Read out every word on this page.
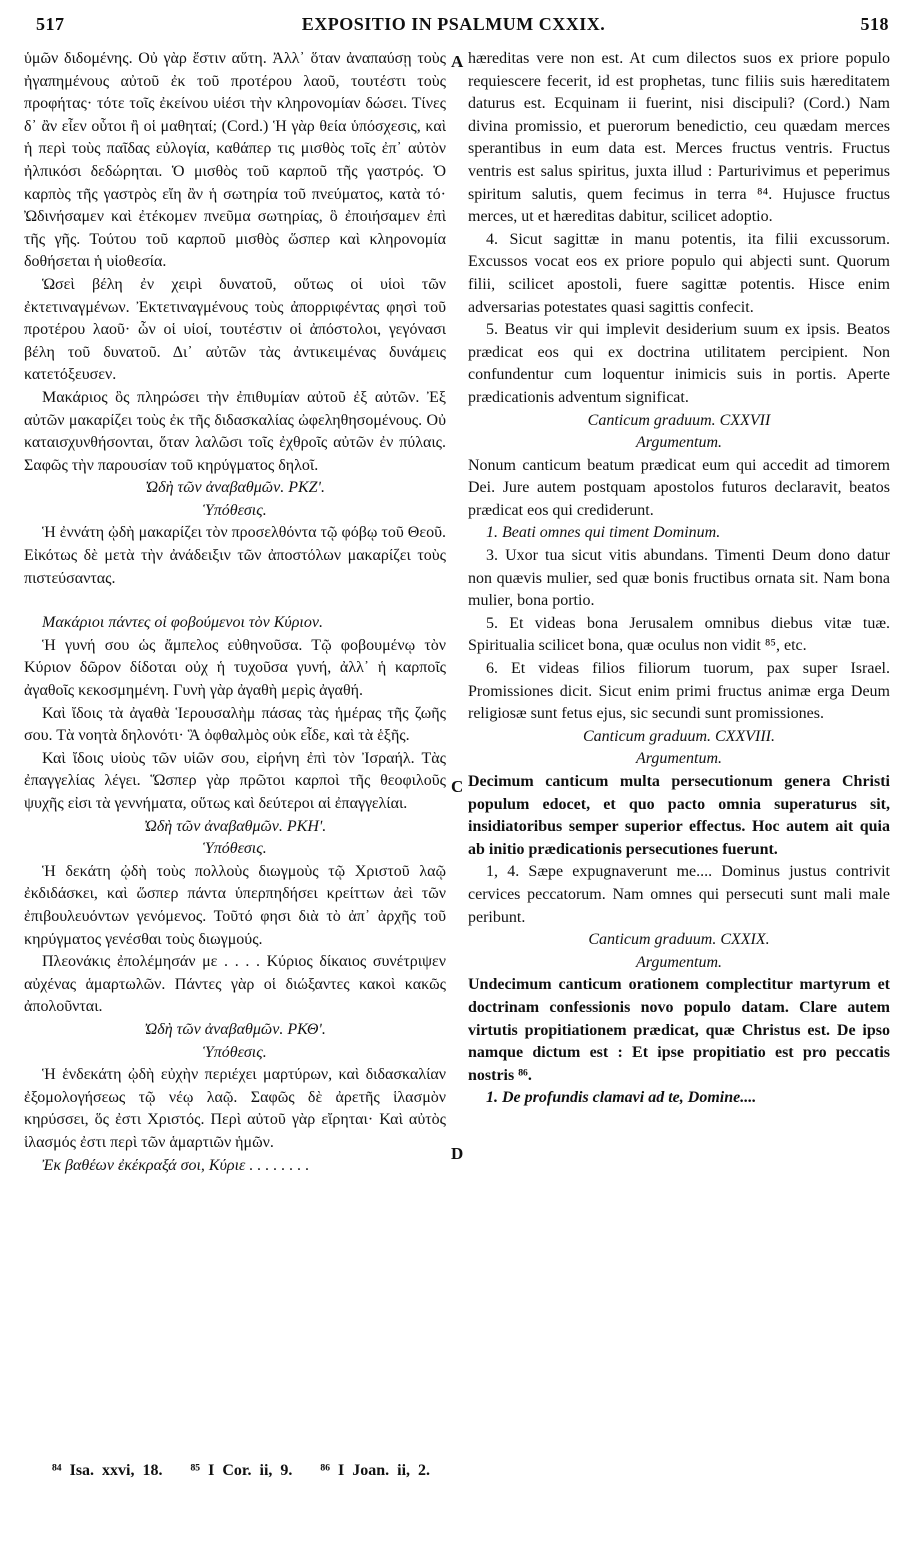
517	EXPOSITIO IN PSALMUM CXXIX.	518

ὑμῶν διδομένης. Οὐ γὰρ ἔστιν αὕτη. Ἀλλ᾽ ὅταν ἀναπαύσῃ τοὺς ἠγαπημένους αὐτοῦ ἐκ τοῦ προτέρου λαοῦ, τουτέστι τοὺς προφήτας· τότε τοῖς ἐκείνου υἱέσι τὴν κληρονομίαν δώσει. Τίνες δ᾽ ἂν εἶεν οὗτοι ἢ οἱ μαθηταί; (Cord.) Ἡ γὰρ θεία ὑπόσχεσις, καὶ ἡ περὶ τοὺς παῖδας εὐλογία, καθάπερ τις μισθὸς τοῖς ἐπ᾽ αὐτὸν ἠλπικόσι δεδώρηται. Ὁ μισθὸς τοῦ καρποῦ τῆς γαστρός. Ὁ καρπὸς τῆς γαστρὸς εἴη ἂν ἡ σωτηρία τοῦ πνεύματος, κατὰ τό· Ὠδινήσαμεν καὶ ἐτέκομεν πνεῦμα σωτηρίας, ὃ ἐποιήσαμεν ἐπὶ τῆς γῆς. Τούτου τοῦ καρποῦ μισθὸς ὥσπερ καὶ κληρονομία δοθήσεται ἡ υἱοθεσία.

Ὡσεὶ βέλη ἐν χειρὶ δυνατοῦ, οὕτως οἱ υἱοὶ τῶν ἐκτετιναγμένων. Ἐκτετιναγμένους τοὺς ἀπορριφέντας φησὶ τοῦ προτέρου λαοῦ· ὧν οἱ υἱοί, τουτέστιν οἱ ἀπόστολοι, γεγόνασι βέλη τοῦ δυνατοῦ. Δι᾽ αὐτῶν τὰς ἀντικειμένας δυνάμεις κατετόξευσεν.

Μακάριος ὃς πληρώσει τὴν ἐπιθυμίαν αὐτοῦ ἐξ αὐτῶν. Ἐξ αὐτῶν μακαρίζει τοὺς ἐκ τῆς διδασκαλίας ὠφεληθησομένους. Οὐ καταισχυνθήσονται, ὅταν λαλῶσι τοῖς ἐχθροῖς αὐτῶν ἐν πύλαις. Σαφῶς τὴν παρουσίαν τοῦ κηρύγματος δηλοῖ.

Ὠδὴ τῶν ἀναβαθμῶν. ΡΚΖʹ.

Ὑπόθεσις.

Ἡ ἐννάτη ᾠδὴ μακαρίζει τὸν προσελθόντα τῷ φόβῳ τοῦ Θεοῦ. Εἰκότως δὲ μετὰ τὴν ἀνάδειξιν τῶν ἀποστόλων μακαρίζει τοὺς πιστεύσαντας.

Μακάριοι πάντες οἱ φοβούμενοι τὸν Κύριον.

Ἡ γυνή σου ὡς ἄμπελος εὐθηνοῦσα. Τῷ φοβουμένῳ τὸν Κύριον δῶρον δίδοται οὐχ ἡ τυχοῦσα γυνή, ἀλλ᾽ ἡ καρποῖς ἀγαθοῖς κεκοσμημένη. Γυνὴ γὰρ ἀγαθὴ μερὶς ἀγαθή.

Καὶ ἴδοις τὰ ἀγαθὰ Ἱερουσαλὴμ πάσας τὰς ἡμέρας τῆς ζωῆς σου. Τὰ νοητὰ δηλονότι· Ἃ ὀφθαλμὸς οὐκ εἶδε, καὶ τὰ ἑξῆς.

Καὶ ἴδοις υἱοὺς τῶν υἱῶν σου, εἰρήνη ἐπὶ τὸν Ἰσραήλ. Τὰς ἐπαγγελίας λέγει. Ὥσπερ γὰρ πρῶτοι καρποὶ τῆς θεοφιλοῦς ψυχῆς εἰσι τὰ γεννήματα, οὕτως καὶ δεύτεροι αἱ ἐπαγγελίαι.

Ὠδὴ τῶν ἀναβαθμῶν. ΡΚΗʹ.

Ὑπόθεσις.

Ἡ δεκάτη ᾠδὴ τοὺς πολλοὺς διωγμοὺς τῷ Χριστοῦ λαῷ ἐκδιδάσκει, καὶ ὥσπερ πάντα ὑπερπηδήσει κρείττων ἀεὶ τῶν ἐπιβουλευόντων γενόμενος. Τοῦτό φησι διὰ τὸ ἀπ᾽ ἀρχῆς τοῦ κηρύγματος γενέσθαι τοὺς διωγμούς.

Πλεονάκις ἐπολέμησάν με . . . . Κύριος δίκαιος συνέτριψεν αὐχένας ἁμαρτωλῶν. Πάντες γὰρ οἱ διώξαντες κακοὶ κακῶς ἀπολοῦνται.

Ὠδὴ τῶν ἀναβαθμῶν. ΡΚΘʹ.

Ὑπόθεσις.

Ἡ ἑνδεκάτη ᾠδὴ εὐχὴν περιέχει μαρτύρων, καὶ διδασκαλίαν ἐξομολογήσεως τῷ νέῳ λαῷ. Σαφῶς δὲ ἀρετῆς ἱλασμὸν κηρύσσει, ὅς ἐστι Χριστός. Περὶ αὐτοῦ γὰρ εἴρηται· Καὶ αὐτὸς ἱλασμός ἐστι περὶ τῶν ἁμαρτιῶν ἡμῶν.

Ἐκ βαθέων ἐκέκραξά σοι, Κύριε . . . . . . . .

A
C
D

hæreditas vere non est. At cum dilectos suos ex priore populo requiescere fecerit, id est prophetas, tunc filiis suis hæreditatem daturus est. Ecquinam ii fuerint, nisi discipuli? (Cord.) Nam divina promissio, et puerorum benedictio, ceu quædam merces sperantibus in eum data est. Merces fructus ventris. Fructus ventris est salus spiritus, juxta illud : Parturivimus et peperimus spiritum salutis, quem fecimus in terra ⁸⁴. Hujusce fructus merces, ut et hæreditas dabitur, scilicet adoptio.

4. Sicut sagittæ in manu potentis, ita filii excussorum. Excussos vocat eos ex priore populo qui abjecti sunt. Quorum filii, scilicet apostoli, fuere sagittæ potentis. Hisce enim adversarias potestates quasi sagittis confecit.

5. Beatus vir qui implevit desiderium suum ex ipsis. Beatos prædicat eos qui ex doctrina utilitatem percipient. Non confundentur cum loquentur inimicis suis in portis. Aperte prædicationis adventum significat.

Canticum graduum. CXXVII

Argumentum.

Nonum canticum beatum prædicat eum qui accedit ad timorem Dei. Jure autem postquam apostolos futuros declaravit, beatos prædicat eos qui crediderunt.

1. Beati omnes qui timent Dominum.

3. Uxor tua sicut vitis abundans. Timenti Deum dono datur non quævis mulier, sed quæ bonis fructibus ornata sit. Nam bona mulier, bona portio.

5. Et videas bona Jerusalem omnibus diebus vitæ tuæ. Spiritualia scilicet bona, quæ oculus non vidit ⁸⁵, etc.

6. Et videas filios filiorum tuorum, pax super Israel. Promissiones dicit. Sicut enim primi fructus animæ erga Deum religiosæ sunt fetus ejus, sic secundi sunt promissiones.

Canticum graduum. CXXVIII.

Argumentum.

Decimum canticum multa persecutionum genera Christi populum edocet, et quo pacto omnia superaturus sit, insidiatoribus semper superior effectus. Hoc autem ait quia ab initio prædicationis persecutiones fuerunt.

1, 4. Sæpe expugnaverunt me.... Dominus justus contrivit cervices peccatorum. Nam omnes qui persecuti sunt mali male peribunt.

Canticum graduum. CXXIX.

Argumentum.

Undecimum canticum orationem complectitur martyrum et doctrinam confessionis novo populo datam. Clare autem virtutis propitiationem prædicat, quæ Christus est. De ipso namque dictum est : Et ipse propitiatio est pro peccatis nostris ⁸⁶.

1. De profundis clamavi ad te, Domine....

⁸⁴ Isa. xxvi, 18. ⁸⁵ I Cor. ii, 9. ⁸⁶ I Joan. ii, 2.
